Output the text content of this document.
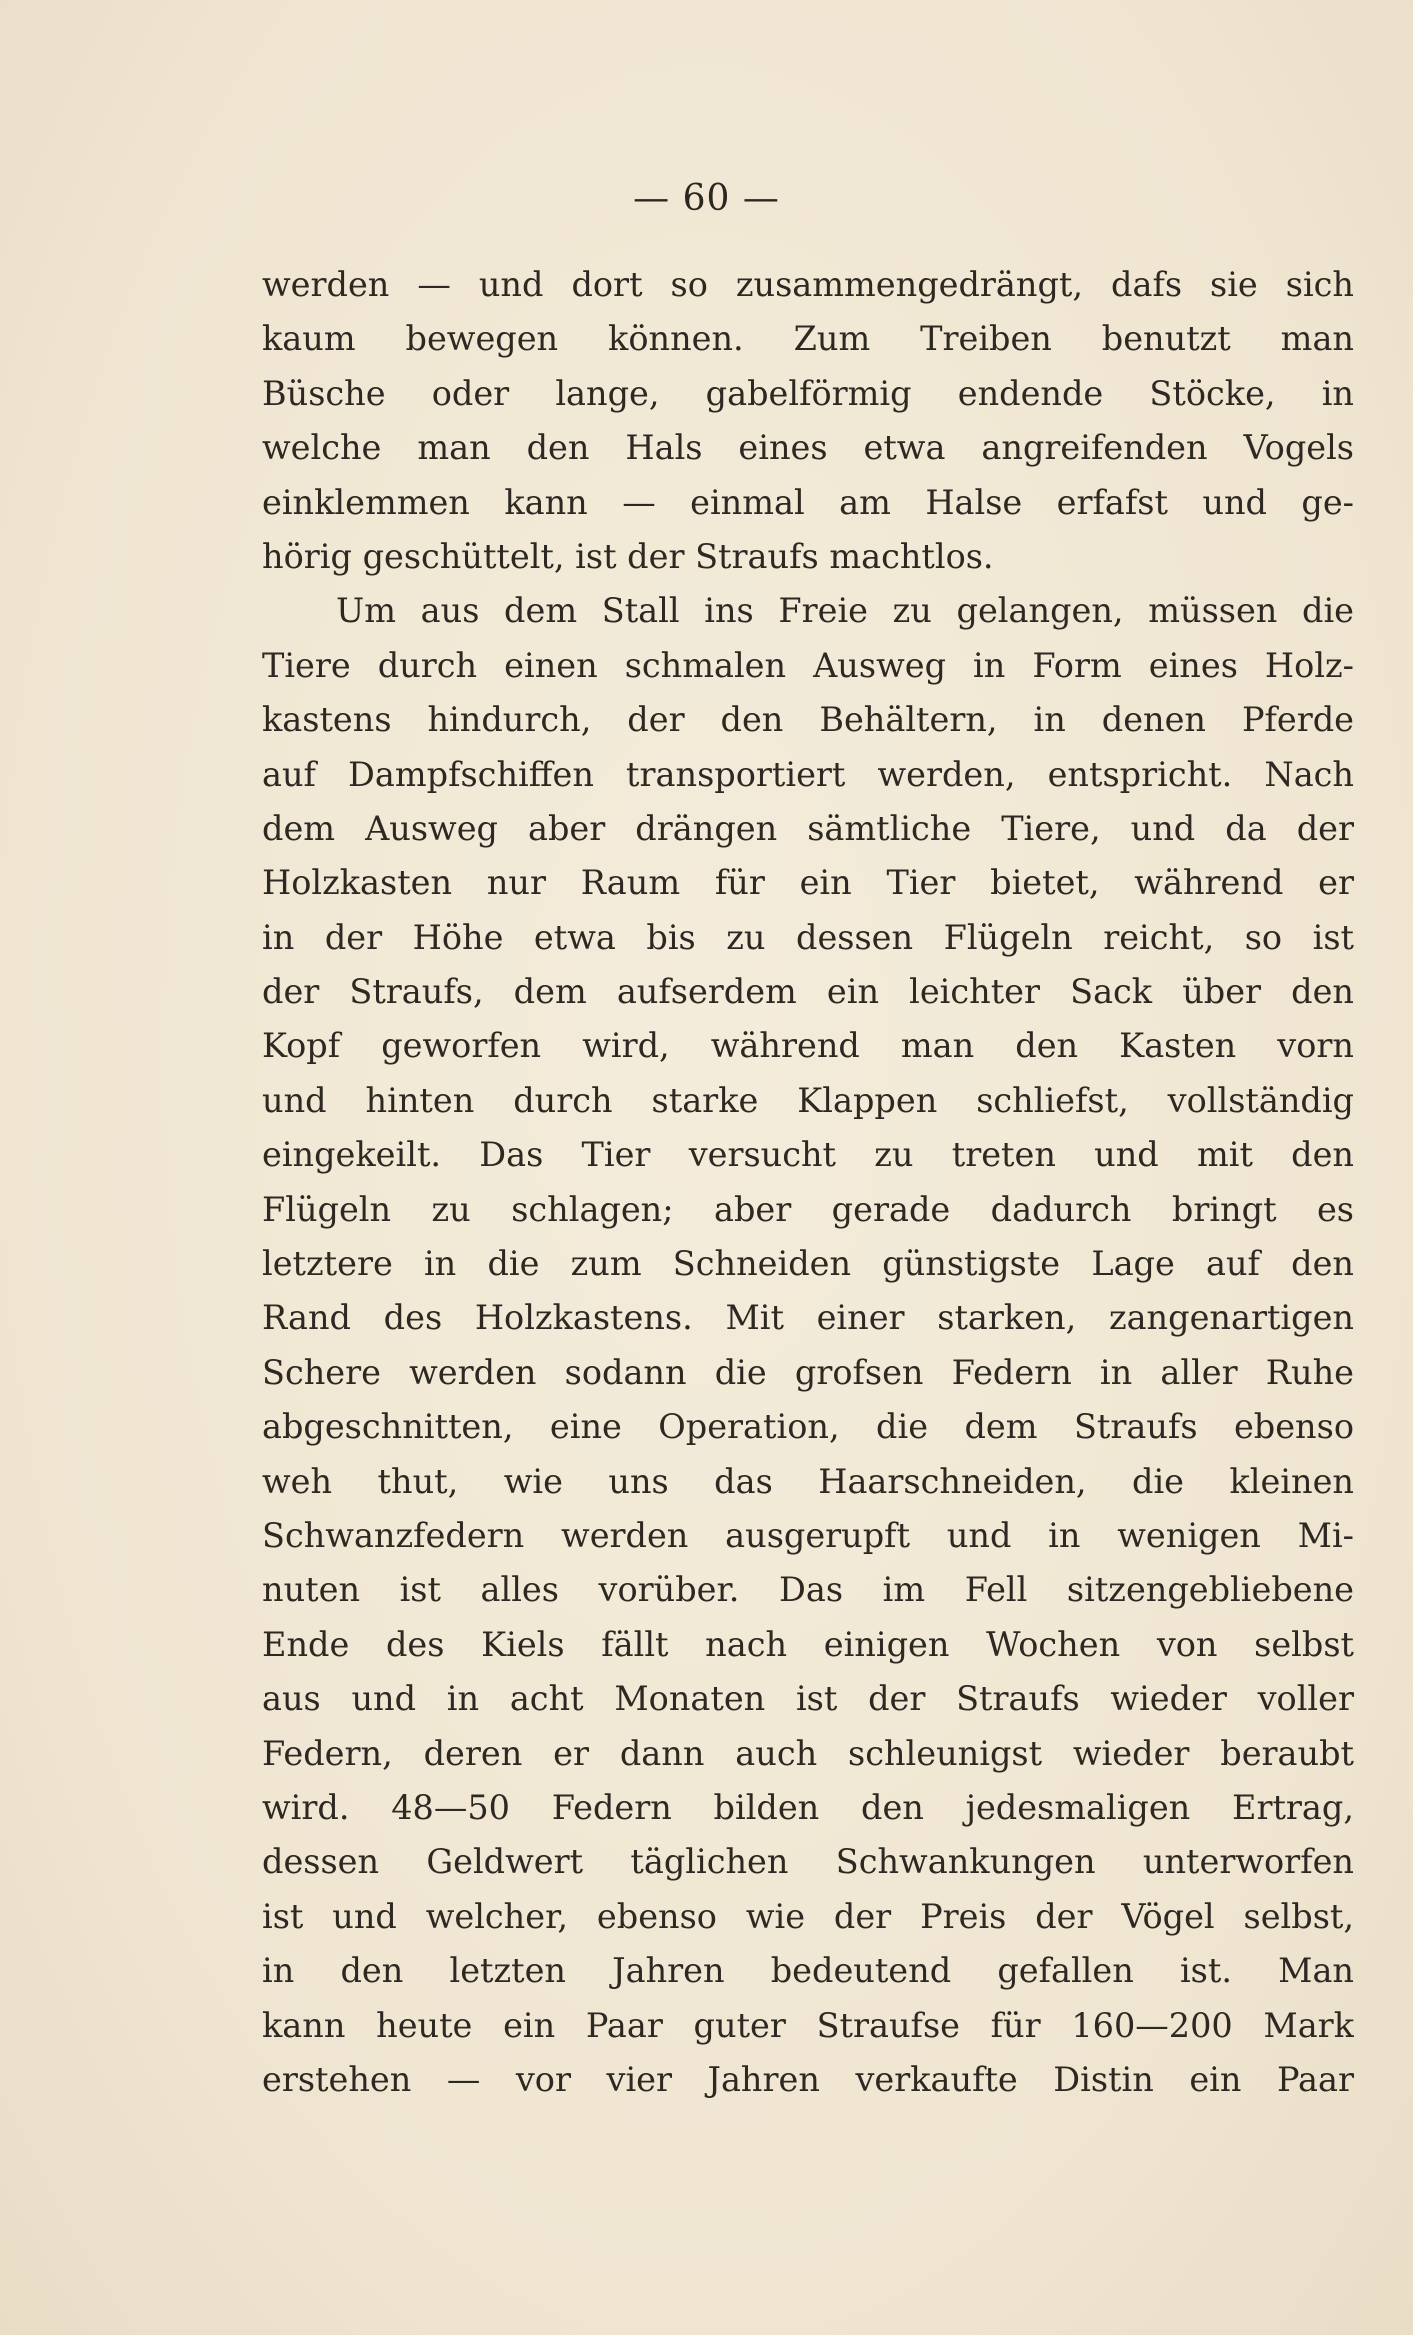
— 60 —
werden — und dort so zusammengedrängt, dafs sie sich
kaum bewegen können. Zum Treiben benutzt man
Büsche oder lange, gabelförmig endende Stöcke, in
welche man den Hals eines etwa angreifenden Vogels
einklemmen kann — einmal am Halse erfafst und ge-
hörig geschüttelt, ist der Straufs machtlos.
Um aus dem Stall ins Freie zu gelangen, müssen die
Tiere durch einen schmalen Ausweg in Form eines Holz-
kastens hindurch, der den Behältern, in denen Pferde
auf Dampfschiffen transportiert werden, entspricht. Nach
dem Ausweg aber drängen sämtliche Tiere, und da der
Holzkasten nur Raum für ein Tier bietet, während er
in der Höhe etwa bis zu dessen Flügeln reicht, so ist
der Straufs, dem aufserdem ein leichter Sack über den
Kopf geworfen wird, während man den Kasten vorn
und hinten durch starke Klappen schliefst, vollständig
eingekeilt. Das Tier versucht zu treten und mit den
Flügeln zu schlagen; aber gerade dadurch bringt es
letztere in die zum Schneiden günstigste Lage auf den
Rand des Holzkastens. Mit einer starken, zangenartigen
Schere werden sodann die grofsen Federn in aller Ruhe
abgeschnitten, eine Operation, die dem Straufs ebenso
weh thut, wie uns das Haarschneiden, die kleinen
Schwanzfedern werden ausgerupft und in wenigen Mi-
nuten ist alles vorüber. Das im Fell sitzengebliebene
Ende des Kiels fällt nach einigen Wochen von selbst
aus und in acht Monaten ist der Straufs wieder voller
Federn, deren er dann auch schleunigst wieder beraubt
wird. 48—50 Federn bilden den jedesmaligen Ertrag,
dessen Geldwert täglichen Schwankungen unterworfen
ist und welcher, ebenso wie der Preis der Vögel selbst,
in den letzten Jahren bedeutend gefallen ist. Man
kann heute ein Paar guter Straufse für 160—200 Mark
erstehen — vor vier Jahren verkaufte Distin ein Paar
